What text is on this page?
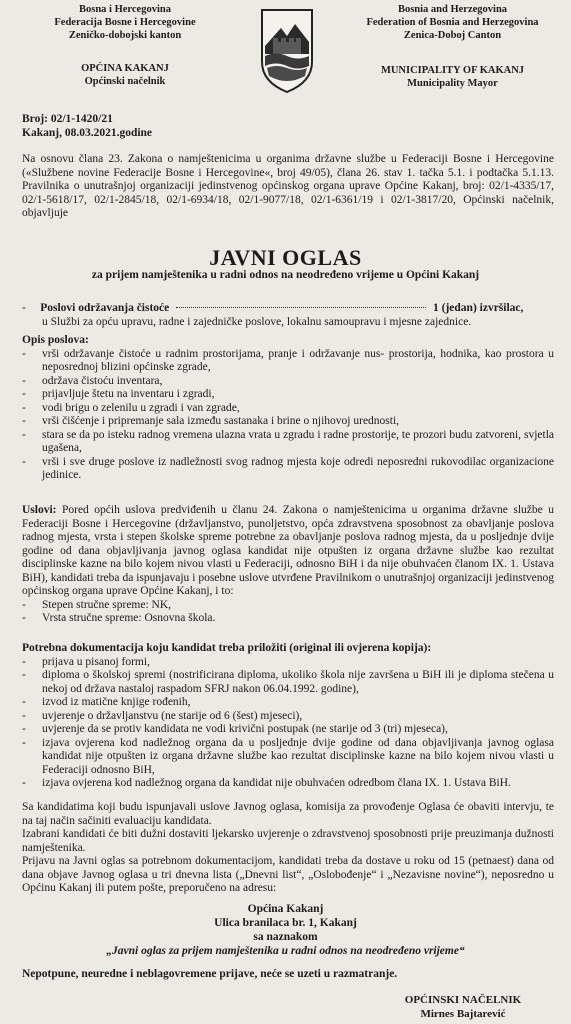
Bosna i Hercegovina
Federacija Bosne i Hercegovine
Zeničko-dobojski kanton
OPĆINA KAKANJ
Općinski načelnik
Bosnia and Herzegovina
Federation of Bosnia and Herzegovina
Zenica-Doboj Canton
MUNICIPALITY OF KAKANJ
Municipality Mayor
Broj: 02/1-1420/21
Kakanj, 08.03.2021.godine
Na osnovu člana 23. Zakona o namještenicima u organima državne službe u Federaciji Bosne i Hercegovine («Službene novine Federacije Bosne i Hercegovine«, broj 49/05), člana 26. stav 1. tačka 5.1. i podtačka 5.1.13. Pravilnika o unutrašnjoj organizaciji jedinstvenog općinskog organa uprave Općine Kakanj, broj: 02/1-4335/17, 02/1-5618/17, 02/1-2845/18, 02/1-6934/18, 02/1-9077/18, 02/1-6361/19 i 02/1-3817/20, Općinski načelnik, objavljuje
JAVNI OGLAS
za prijem namještenika u radni odnos na neodređeno vrijeme u Općini Kakanj
-     Poslovi održavanja čistoće	1 (jedan) izvršilac,
u Službi za opću upravu, radne i zajedničke poslove, lokalnu samoupravu i mjesne zajednice.
Opis poslova:
- vrši održavanje čistoće u radnim prostorijama, pranje i održavanje nus- prostorija, hodnika, kao prostora u neposrednoj blizini općinske zgrade,
- održava čistoću inventara,
- prijavljuje štetu na inventaru i zgradi,
- vodi brigu o zelenilu u zgradi i van zgrade,
- vrši čišćenje i pripremanje sala između sastanaka i brine o njihovoj urednosti,
- stara se da po isteku radnog vremena ulazna vrata u zgradu i radne prostorije, te prozori budu zatvoreni, svjetla ugašena,
- vrši i sve druge poslove iz nadležnosti svog radnog mjesta koje odredi neposredni rukovodilac organizacione jedinice.
Uslovi: Pored općih uslova predviđenih u članu 24. Zakona o namještenicima u organima državne službe u Federaciji Bosne i Hercegovine (državljanstvo, punoljetstvo, opća zdravstvena sposobnost za obavljanje poslova radnog mjesta, vrsta i stepen školske spreme potrebne za obavljanje poslova radnog mjesta, da u posljednje dvije godine od dana objavljivanja javnog oglasa kandidat nije otpušten iz organa državne službe kao rezultat disciplinske kazne na bilo kojem nivou vlasti u Federaciji, odnosno BiH i da nije obuhvaćen članom IX. 1. Ustava BiH), kandidati treba da ispunjavaju i posebne uslove utvrđene Pravilnikom o unutrašnjoj organizaciji jedinstvenog općinskog organa uprave Općine Kakanj, i to:
- Stepen stručne spreme: NK,
- Vrsta stručne spreme: Osnovna škola.
Potrebna dokumentacija koju kandidat treba priložiti (original ili ovjerena kopija):
- prijava u pisanoj formi,
- diploma o školskoj spremi (nostrificirana diploma, ukoliko škola nije završena u BiH ili je diploma stečena u nekoj od država nastaloj raspadom SFRJ nakon 06.04.1992. godine),
- izvod iz matične knjige rođenih,
- uvjerenje o državljanstvu (ne starije od 6 (šest) mjeseci),
- uvjerenje da se protiv kandidata ne vodi krivični postupak (ne starije od 3 (tri) mjeseca),
- izjava ovjerena kod nadležnog organa da u posljednje dvije godine od dana objavljivanja javnog oglasa kandidat nije otpušten iz organa državne službe kao rezultat disciplinske kazne na bilo kojem nivou vlasti u Federaciji odnosno BiH,
- izjava ovjerena kod nadležnog organa da kandidat nije obuhvaćen odredbom člana IX. 1. Ustava BiH.
Sa kandidatima koji budu ispunjavali uslove Javnog oglasa, komisija za provođenje Oglasa će obaviti intervju, te na taj način sačiniti evaluaciju kandidata.
Izabrani kandidati će biti dužni dostaviti ljekarsko uvjerenje o zdravstvenoj sposobnosti prije preuzimanja dužnosti namještenika.
Prijavu na Javni oglas sa potrebnom dokumentacijom, kandidati treba da dostave u roku od 15 (petnaest) dana od dana objave Javnog oglasa u tri dnevna lista („Dnevni list“, „Oslobođenje“ i „Nezavisne novine“), neposredno u Općinu Kakanj ili putem pošte, preporučeno na adresu:
Općina Kakanj
Ulica branilaca br. 1, Kakanj
sa naznakom
„Javni oglas za prijem namještenika u radni odnos na neodređeno vrijeme“
Nepotpune, neuredne i neblagovremene prijave, neće se uzeti u razmatranje.
OPĆINSKI NAČELNIK
Mirnes Bajtarević
